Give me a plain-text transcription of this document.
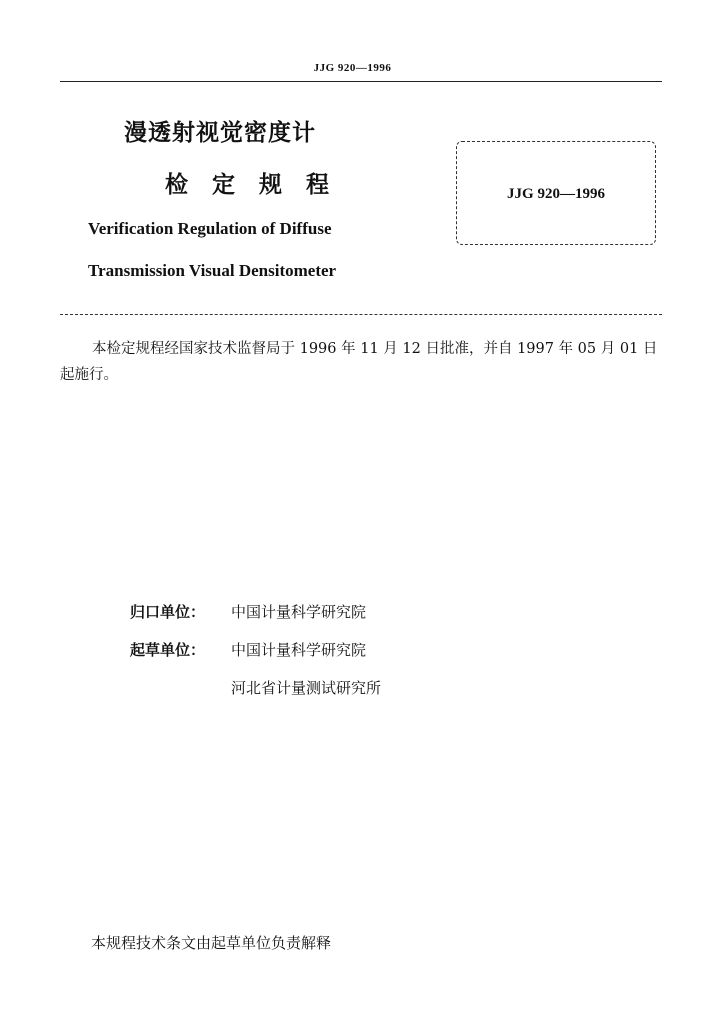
JJG 920—1996
漫透射视觉密度计
检 定 规 程
Verification Regulation of Diffuse
Transmission Visual Densitometer
JJG 920—1996
本检定规程经国家技术监督局于 1996 年 11 月 12 日批准，并自 1997 年 05 月 01 日起施行。
归口单位： 中国计量科学研究院
起草单位： 中国计量科学研究院
河北省计量测试研究所
本规程技术条文由起草单位负责解释
